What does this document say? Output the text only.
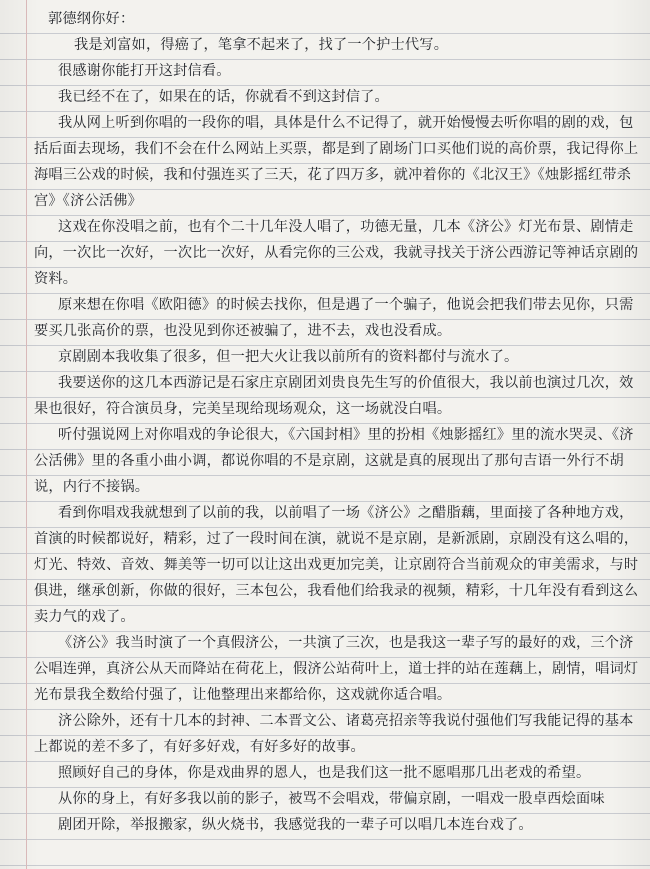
郭德纲你好：

我是刘富如，得癌了，笔拿不起来了，找了一个护士代写。

很感谢你能打开这封信看。

我已经不在了，如果在的话，你就看不到这封信了。

我从网上听到你唱的一段你的唱，具体是什么不记得了，就开始慢慢去听你唱的剧的戏，包括后面去现场，我们不会在什么网站上买票，都是到了剧场门口买他们说的高价票，我记得你上海唱三公戏的时候，我和付强连买了三天，花了四万多，就冲着你的《北汉王》《烛影摇红带杀宫》《济公活佛》

这戏在你没唱之前，也有个二十几年没人唱了，功德无量，几本《济公》灯光布景、剧情走向，一次比一次好，一次比一次好，从看完你的三公戏，我就寻找关于济公西游记等神话京剧的资料。

原来想在你唱《欧阳德》的时候去找你，但是遇了一个骗子，他说会把我们带去见你，只需要买几张高价的票，也没见到你还被骗了，进不去，戏也没看成。

京剧剧本我收集了很多，但一把大火让我以前所有的资料都付与流水了。

我要送你的这几本西游记是石家庄京剧团刘贵良先生写的价值很大，我以前也演过几次，效果也很好，符合演员身，完美呈现给现场观众，这一场就没白唱。

听付强说网上对你唱戏的争论很大，《六国封相》里的扮相《烛影摇红》里的流水哭灵、《济公活佛》里的各重小曲小调，都说你唱的不是京剧，这就是真的展现出了那句吉语一外行不胡说，内行不接锅。

看到你唱戏我就想到了以前的我，以前唱了一场《济公》之醋脂藕，里面接了各种地方戏，首演的时候都说好，精彩，过了一段时间在演，就说不是京剧，是新派剧，京剧没有这么唱的，灯光、特效、音效、舞美等一切可以让这出戏更加完美，让京剧符合当前观众的审美需求，与时俱进，继承创新，你做的很好，三本包公，我看他们给我录的视频，精彩，十几年没有看到这么卖力气的戏了。

《济公》我当时演了一个真假济公，一共演了三次，也是我这一辈子写的最好的戏，三个济公唱连弹，真济公从天而降站在荷花上，假济公站荷叶上，道士拌的站在莲藕上，剧情，唱词灯光布景我全数给付强了，让他整理出来都给你，这戏就你适合唱。

济公除外，还有十几本的封神、二本晋文公、诸葛亮招亲等我说付强他们写我能记得的基本上都说的差不多了，有好多好戏，有好多好的故事。

照顾好自己的身体，你是戏曲界的恩人，也是我们这一批不愿唱那几出老戏的希望。

从你的身上，有好多我以前的影子，被骂不会唱戏，带偏京剧，一唱戏一股卓西烩面味

剧团开除，举报搬家，纵火烧书，我感觉我的一辈子可以唱几本连台戏了。
